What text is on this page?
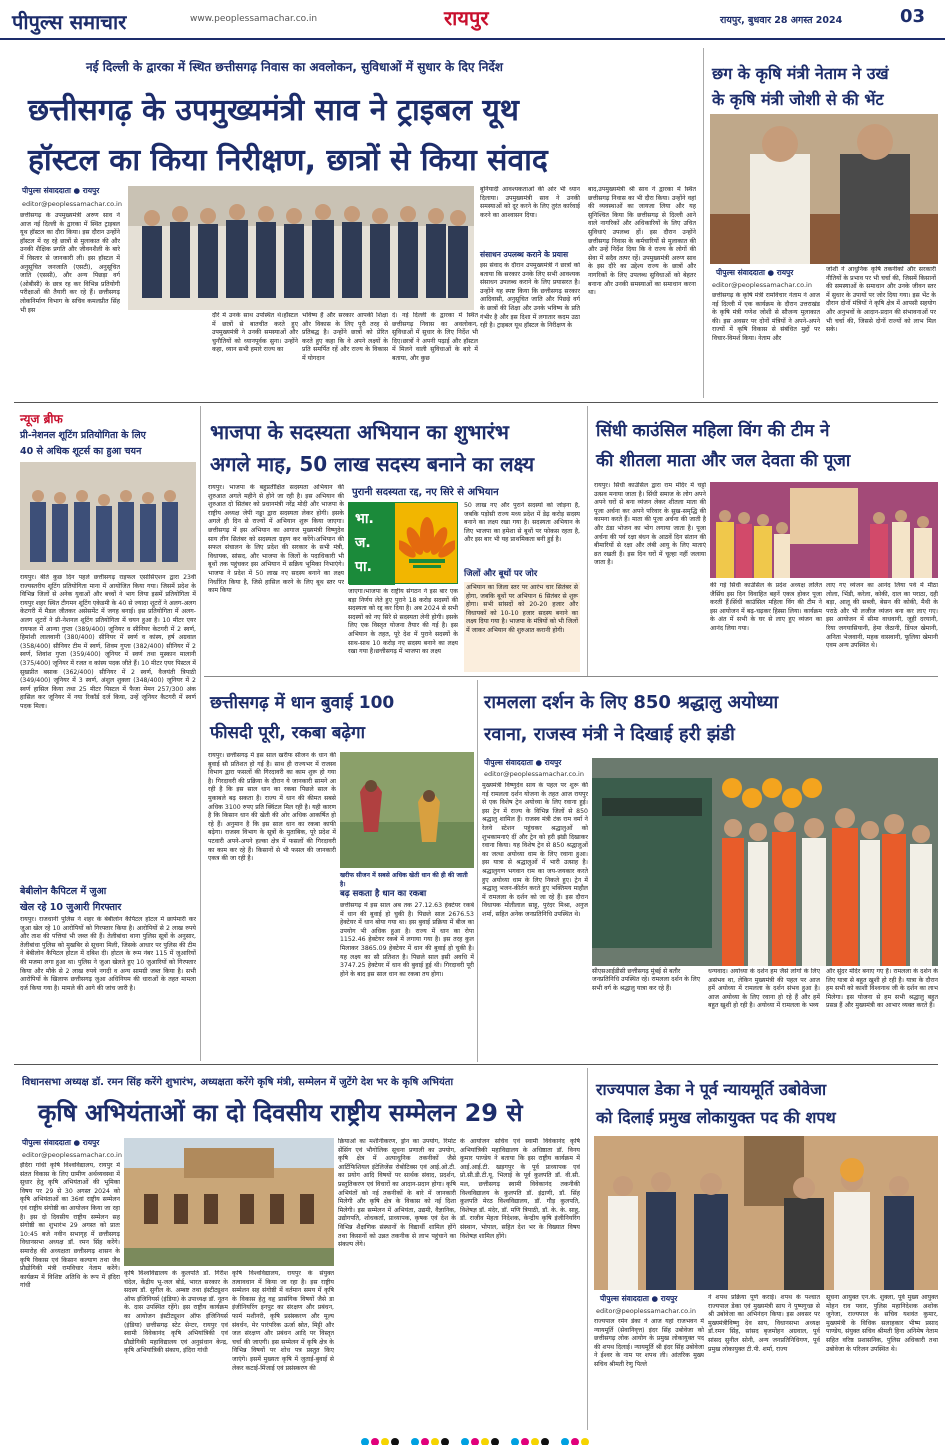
पीपुल्स समाचार	www.peoplessamachar.co.in	रायपुर	रायपुर, बुधवार 28 अगस्त 2024	03
नई दिल्ली के द्वारका में स्थित छत्तीसगढ़ निवास का अवलोकन, सुविधाओं में सुधार के दिए निर्देश
छत्तीसगढ़ के उपमुख्यमंत्री साव ने ट्राइबल यूथ
हॉस्टल का किया निरीक्षण, छात्रों से किया संवाद
पीपुल्स संवाददाता ● रायपुर
editor@peoplessamachar.co.in
छत्तीसगढ़ के उपमुख्यमंत्री अरुण साव ने आज नई दिल्ली के द्वारका में स्थित ट्राइबल यूथ हॉस्टल का दौरा किया। इस दौरान उन्होंने हॉस्टल में रह रहे छात्रों से मुलाकात की और उनकी शैक्षिक प्रगति और जीवनशैली के बारे में विस्तार से जानकारी ली। इस हॉस्टल में अनुसूचित जनजाति (एसटी), अनुसूचित जाति (एससी), और अन्य पिछड़ा वर्ग (ओबीसी) के छात्र रह कर विभिन्न प्रतियोगी परीक्षाओं की तैयारी कर रहे हैं। छत्तीसगढ़ लोकनिर्माण विभाग के सचिव कमलप्रीत सिंह भी इस
दौरे में उनके साथ उपस्थित थे।हॉस्टल में छात्रों से बातचीत करते हुए उपमुख्यमंत्री ने उनकी समस्याओं और चुनौतियों को ध्यानपूर्वक सुना। उन्होंने कहा, ध्यान सभी हमारे राज्य का
भविष्य हैं और सरकार आपकी शिक्षा और विकास के लिए पूरी तरह से प्रतिबद्ध है। उन्होंने छात्रों को प्रेरित करते हुए कहा कि वे अपने लक्ष्यों के प्रति समर्पित रहें और राज्य के विकास में योगदान
दें। नई दिल्ली के द्वारका में स्थित छत्तीसगढ़ निवास का अवलोकन, सुविधाओं में सुधार के लिए निर्देश भी दिए।छात्रों ने अपनी पढ़ाई और हॉस्टल में मिलने वाली सुविधाओं के बारे में बताया, और कुछ
बुनियादी आवश्यकताओं की ओर भी ध्यान दिलाया। उपमुख्यमंत्री साव ने उनकी समस्याओं को दूर करने के लिए तुरंत कार्रवाई करने का आश्वासन दिया।
संसाधन उपलब्ध कराने के प्रयास
इस संवाद के दौरान उपमुख्यमंत्री ने छात्रों को बताया कि सरकार उनके लिए सभी आवश्यक संसाधन उपलब्ध कराने के लिए प्रयासरत है। उन्होंने यह स्पष्ट किया कि छत्तीसगढ़ सरकार आदिवासी, अनुसूचित जाति और पिछड़े वर्ग के छात्रों की शिक्षा और उनके भविष्य के प्रति गंभीर है और इस दिशा में लगातार कदम उठा रही है। ट्राइबल यूथ हॉस्टल के निरीक्षण के
बाद,उपमुख्यमंत्री श्री साव ने द्वारका में स्थित छत्तीसगढ़ निवास का भी दौरा किया। उन्होंने वहां की व्यवस्थाओं का जायजा लिया और यह सुनिश्चित किया कि छत्तीसगढ़ से दिल्ली आने वाले नागरिकों और अधिकारियों के लिए उचित सुविधाएं उपलब्ध हों। इस दौरान उन्होंने छत्तीसगढ़ निवास के कर्मचारियों से मुलाकात की और उन्हें निर्देश दिया कि वे राज्य के लोगों की सेवा में सदैव तत्पर रहें। उपमुख्यमंत्री अरुण साव के इस दौरे का उद्देश्य राज्य के छात्रों और नागरिकों के लिए उपलब्ध सुविधाओं को बेहतर बनाना और उनकी समस्याओं का समाधान करना था।
छग के कृषि मंत्री नेताम ने उखं
के कृषि मंत्री जोशी से की भेंट
पीपुल्स संवाददाता ● रायपुर
editor@peoplessamachar.co.in
छत्तीसगढ़ के कृषि मंत्री रामविचार नेताम ने आज नई दिल्ली में एक कार्यक्रम के दौरान उत्तराखंड के कृषि मंत्री गणेश जोशी से सौजन्य मुलाकात की। इस अवसर पर दोनों मंत्रियों ने अपने-अपने राज्यों में कृषि विकास से संबंधित मुद्दों पर विचार-विमर्श किया। नेताम और
जोशी ने आधुनिक कृषि तकनीकों और सरकारी नीतियों के प्रभाव पर भी चर्चा की, जिसमें किसानों की समस्याओं के समाधान और उनके जीवन स्तर में सुधार के उपायों पर जोर दिया गया। इस भेंट के दौरान दोनों मंत्रियों ने कृषि क्षेत्र में आपसी सहयोग और अनुभवों के आदान-प्रदान की संभावनाओं पर भी चर्चा की, जिससे दोनों राज्यों को लाभ मिल सके।
न्यूज ब्रीफ
प्री-नेशनल शूटिंग प्रतियोगिता के लिए
40 से अधिक शूटर्स का हुआ चयन
रायपुर। बीते कुछ दिन पहले छत्तीसगढ़ राइफल एसोसिएशन द्वारा 23वीं राज्यस्तरीय शूटिंग प्रतियोगिता माना में आयोजित किया गया। जिसमें प्रदेश के विभिन्न जिलों से अनेक युवाओं और बच्चों ने भाग लिया इसमें प्रतियोगिता में रायपुर शहर स्थित टीगमन शूटिंग एकेडमी के 40 से ज्यादा शूटरों ने अलग-अलग केटगरी में मैडल जीतकर असेसमेंट में जगह बनाई। इस प्रतियोगिता में अलग-अलग शूटरों ने प्री-नेशनल शूटिंग प्रतियोगिता में चयन हुआ है। 10 मीटर एयर रायफल में आन्या गुप्ता (389/400) जूनियर व सीनियर केटगरी में 2 स्वर्ण, हिमांशी लालवानी (380/400) सीनियर में स्वर्ण व कांस्य, हर्ष अग्रवाल (358/400) सीनियर टीम में स्वर्ण, शिवम गुप्ता (382/400) सीनियर में 2 स्वर्ण, शिवांश गुप्ता (359/400) जूनियर में स्वर्ण तथा मुस्कान मालानी (375/400) जूनियर में रजत व कांस्य पदक जीते हैं। 10 मीटर एयर पिस्टल में सुखप्रीत बसाक (362/400) सीनियर में 2 स्वर्ण, वैजयंती त्रिपाठी (349/400) जूनियर में 3 स्वर्ण, अंशुल शुक्ला (348/400) जूनियर में 2 स्वर्ण हासिल किया तथा 25 मीटर पिस्टल में फैजा मेमन 257/300 अंक हासिल कर जूनियर में नया रिकॉर्ड दर्ज किया, उन्हें जूनियर कैटगरी में स्वर्ण पदक मिला।
बेबीलोन कैपिटल में जुआ
खेल रहे 10 जुआरी गिरफ्तार
रायपुर। राजधानी पुलिस ने शहर के बेबीलोन कैपिटल होटल में छापेमारी कर जुआ खेल रहे 10 आरोपियों को गिरफ्तार किया है। आरोपियों से 2 लाख रुपये और ताश की पत्तियां भी जब्त की हैं। तेलीबांधा थाना पुलिस सूत्रों के अनुसार, तेलीबांधा पुलिस को मुखबिर से सूचना मिली, जिसके आधार पर पुलिस की टीम ने बेबीलोन कैपिटल होटल में दबिश दी। होटल के रूम नंबर 115 में जुआरियों की मजमा लगा हुआ था। पुलिस ने जुआ खेलते हुए 10 जुआरियों को गिरफ्तार किया और मौके से 2 लाख रुपये नगदी व अन्य सामग्री जब्त किया है। सभी आरोपियों के खिलाफ छत्तीसगढ़ जुआ अधिनियम की धाराओं के तहत मामला दर्ज किया गया है। मामले की आगे की जांच जारी है।
भाजपा के सदस्यता अभियान का शुभारंभ
अगले माह, 50 लाख सदस्य बनाने का लक्ष्य
पुरानी सदस्यता रद्द, नए सिरे से अभियान
रायपुर। भाजपा के बहुप्रतीक्षित सदस्यता अभियान की शुरुआत अगले महीने से होने जा रही है। इस अभियान की शुरुआत दो सितंबर को प्रधानमंत्री नरेंद्र मोदी और भाजपा के राष्ट्रीय अध्यक्ष जेपी नड्डा द्वारा सदस्यता लेकर होगी। इसके अगले ही दिन से राज्यों में अभियान शुरू किया जाएगा। छत्तीसगढ़ में इस अभियान का आगाज मुख्यमंत्री विष्णुदेव साय तीन सितंबर को सदस्यता ग्रहण कर करेंगे।अभियान की सफल संचालन के लिए प्रदेश की सरकार के सभी मंत्री, विधायक, सांसद, और भाजपा के जिलों के पदाधिकारी भी बूथों तक पहुंचकर इस अभियान में सक्रिय भूमिका निभाएंगे। भाजपा ने प्रदेश में 50 लाख नए सदस्य बनाने का लक्ष्य निर्धारित किया है, जिसे हासिल करने के लिए बूथ स्तर पर काम किया
भा.
ज.
पा.
जाएगा।भाजपा के राष्ट्रीय संगठन ने इस बार एक बड़ा निर्णय लेते हुए पुराने 18 करोड़ सदस्यों की सदस्यता को रद्द कर दिया है। अब 2024 से सभी सदस्यों को नए सिरे से सदस्यता लेनी होगी। इसके लिए एक विस्तृत योजना तैयार की गई है। इस अभियान के तहत, पूरे देश में पुराने सदस्यों के साथ-साथ 10 करोड़ नए सदस्य बनाने का लक्ष्य रखा गया है।छत्तीसगढ़ में भाजपा का लक्ष्य
50 लाख नए और पुराने सदस्यों को जोड़ना है, जबकि पड़ोसी राज्य मध्य प्रदेश में डेढ़ करोड़ सदस्य बनाने का लक्ष्य रखा गया है। सदस्यता अभियान के लिए भाजपा का हमेशा से बूथों पर फोकस रहता है, और इस बार भी यह प्राथमिकता बनी हुई है।
जिलों और बूथों पर जोर
अभियान का जिला स्तर पर आरंभ चार सितंबर से होगा, जबकि बूथों पर अभियान 6 सितंबर से शुरू होगा। सभी सांसदों को 20-20 हजार और विधायकों को 10-10 हजार सदस्य बनाने का लक्ष्य दिया गया है। भाजपा के मंत्रियों को भी जिलों में जाकर अभियान की शुरुआत करानी होगी।
सिंधी काउंसिल महिला विंग की टीम ने
की शीतला माता और जल देवता की पूजा
रायपुर। सिंधी काउंसिल द्वारा राम मंदिर में चट्टो उत्सव मनाया जाता है। सिंधी समाज के लोग अपने अपने घरों से बना व्यंजन लेकर शीतला माता की पूजा अर्चना कर अपने परिवार के सुख-समृद्धि की कामना करते हैं। माता की पूजा अर्चना की जाती है और ठंडा भोजन का भोग लगाया जाता है। पूजा अर्चना की पर्व रक्षा बंधन के आठवें दिन संतान की बीमारियों से रक्षा और लंबी आयु के लिए माताएं व्रत रखती हैं। इस दिन घरों में चूल्हा नहीं जलाया जाता है।
की गई सिंधी काउंसिल के प्रदेश अध्यक्ष ललित जैसिंघ इस दिन विवाहित बहनें एकत्र होकर पूजा करती हैं।सिंधी काउंसिल महिला विंग की टीम ने इस आयोजन में बढ़-चढ़कर हिस्सा लिया। कार्यक्रम के अंत में सभी के घर से लाए हुए व्यंजन का आनंद लिया गया।
लाए गए व्यंजन का आनंद लिया पर्व में मीठा लोला, भिंडी, करेला, कोकी, दाल का पराठा, दही बड़ा, आलू की सब्जी, बेसन की कोकी, मैथी के पराठे और भी लजीज व्यंजन बना कर लाए गए। इस आयोजन में सीमा वाधवानी, जूही दरयानी, रिया जगयासियानी, हेमा जैठानी, डिंपल खेमानी, अनिता भेजवानी, महक वासवानी, फूलिया खेमानी एवम अन्य उपस्थित थे।
छत्तीसगढ़ में धान बुवाई 100
फीसदी पूरी, रकबा बढ़ेगा
रायपुर। छत्तीसगढ़ में इस साल खरीफ सीजन के धान की बुवाई सौ प्रतिशत हो गई है। साथ ही राज्यभर में राजस्व विभाग द्वारा फसलों की गिरदावरी का काम शुरू हो गया है। गिरदावरी की प्रक्रिया के दौरान ये जानकारी सामने आ रही है कि इस साल धान का रकबा पिछले साल के मुकाबले बढ़ सकता है। राज्य में धान की कीमत सबसे अधिक 3100 रुपए प्रति क्विंटल मिल रही है। यही कारण है कि किसान धान की खेती की ओर अधिक आकर्षित हो रहे हैं। अनुमान है कि इस साल धान का रकबा काफी बढ़ेगा। राजस्व विभाग के सूत्रों के मुताबिक, पूरे प्रदेश में पटवारी अपने-अपने हल्का क्षेत्र में फसलों की गिरदावरी का काम कर रहे हैं। किसानों से भी फसल की जानकारी एकत्र की जा रही है।
खरीफ सीजन में सबसे अधिक खेती धान की ही की जाती है।
बढ़ सकता है धान का रकबा
छत्तीसगढ़ में इस साल अब तक 27.12.63 हेक्टेयर रकबे में धान की बुवाई हो चुकी है। पिछले साल 2676.53 हेक्टेयर में धान बोया गया था। इस बुवाई प्रक्रिया में बीज का उपयोग भी अधिक हुआ है। राज्य में धान का रोपा 1152.46 हेक्टेयर रकबे में लगाया गया है। इस तरह कुल मिलाकर 3865.09 हेक्टेयर में धान की बुवाई हो चुकी है। यह लक्ष्य का सौ प्रतिशत है। पिछले साल इसी अवधि में 3747.25 हेक्टेयर में धान की बुवाई हुई थी। गिरदावरी पूरी होने के बाद इस साल धान का रकबा तय होगा।
रामलला दर्शन के लिए 850 श्रद्धालु अयोध्या
रवाना, राजस्व मंत्री ने दिखाई हरी झंडी
पीपुल्स संवाददाता ● रायपुर
editor@peoplessamachar.co.in
मुख्यमंत्री विष्णुदेव साय के पहल पर शुरू की गई रामलला दर्शन योजना के तहत आज रायपुर से एक विशेष ट्रेन अयोध्या के लिए रवाना हुई। इस ट्रेन में राज्य के विभिन्न जिलों से 850 श्रद्धालु शामिल हैं। राजस्व मंत्री टंक राम वर्मा ने रेलवे स्टेशन पहुंचकर श्रद्धालुओं को शुभकामनाएं दीं और ट्रेन को हरी झंडी दिखाकर रवाना किया। यह विशेष ट्रेन से 850 श्रद्धालुओं का जत्था अयोध्या धाम के लिए रवाना हुआ। इस यात्रा से श्रद्धालुओं में भारी उत्साह है। श्रद्धालुगण भगवान राम का जय-जयकार करते हुए अयोध्या धाम के लिए निकले हुए। ट्रेन में श्रद्धालु भजन-कीर्तन करते हुए भक्तिमय माहौल में रामलला के दर्शन को जा रहे हैं। इस दौरान विधायक मोतीलाल साहू, पुरंदर मिश्रा, अनुज शर्मा, सहित अनेक जनप्रतिनिधि उपस्थित थे।
सीएसआईडीसी छत्तीसगढ़ मुंबई से बतौर जनप्रतिनिधि उपस्थित रहे। रामलला दर्शन के लिए सभी वर्ग के श्रद्धालु यात्रा कर रहे हैं।
धन्यवाद। अयोध्या के दर्शन हम जैसे लोगों के लिए असंभव था, लेकिन मुख्यमंत्री की पहल पर आज हमें अयोध्या में रामलला के दर्शन संभव हुआ है। आज अयोध्या के लिए रवाना हो रहे हैं और हमें बहुत खुशी हो रही है। अयोध्या में रामलला के भव्य
और सुंदर मंदिर बनाए गए हैं। रामलला के दर्शन के लिए यात्रा से बहुत खुशी हो रही है। यात्रा के दौरान हम सभी को काशी विश्वनाथ जी के दर्शन का लाभ मिलेगा। इस योजना से हम सभी श्रद्धालु बहुत प्रसन्न हैं और मुख्यमंत्री का आभार व्यक्त करते हैं।
विधानसभा अध्यक्ष डॉ. रमन सिंह करेंगे शुभारंभ, अध्यक्षता करेंगे कृषि मंत्री, सम्मेलन में जुटेंगे देश भर के कृषि अभियंता
कृषि अभियंताओं का दो दिवसीय राष्ट्रीय सम्मेलन 29 से
पीपुल्स संवाददाता ● रायपुर
editor@peoplessamachar.co.in
इंदिरा गांधी कृषि विश्वविद्यालय, रायपुर में संतत विकास के लिए ग्रामीण अर्थव्यवस्था में सुधार हेतु कृषि अभियंताओं की भूमिका विषय पर 29 से 30 अगस्त 2024 को कृषि अभियंताओं का 36वां राष्ट्रीय सम्मेलन एवं राष्ट्रीय संगोष्ठी का आयोजन किया जा रहा है। इस दो दिवसीय राष्ट्रीय सम्मेलन सह संगोष्ठी का शुभारंभ 29 अगस्त को प्रातः 10:45 बजे नवीन सभागृह में छत्तीसगढ़ विधानसभा अध्यक्ष डॉ. रमन सिंह करेंगे। समारोह की अध्यक्षता छत्तीसगढ़ शासन के कृषि विकास एवं किसान कल्याण तथा जैव प्रौद्योगिकी मंत्री रामविचार नेताम करेंगे। कार्यक्रम में विशिष्ट अतिथि के रूप में इंदिरा गांधी
कृषि विश्वविद्यालय के कुलपति डॉ. गिरीश चंदेल, केंद्रीय भू-जल बोर्ड, भारत सरकार के सदस्य डॉ. सुनील के. अम्बष्ट तथा इंस्टीट्यूशन ऑफ इंजिनियर्स (इंडिया) के उपाध्यक्ष डॉ. नूतन के. दास उपस्थित रहेंगे। इस राष्ट्रीय कार्यक्रम का आयोजन इंस्टीट्यूशन ऑफ इंजिनियर्स (इंडिया) छत्तीसगढ़ स्टेट सेन्टर, रायपुर एवं स्वामी विवेकानंद कृषि अभियांत्रिकी एवं प्रौद्योगिकी महाविद्यालय एवं अनुसंधान केन्द्र, कृषि अभियांत्रिकी संकाय, इंदिरा गांधी
कृषि विश्वविद्यालय, रायपुर के संयुक्त तत्वावधान में किया जा रहा है। इस राष्ट्रीय सम्मेलन सह संगोष्ठी में वर्तमान समय में कृषि के विकास हेतु वहृ प्रासंगिक विषयों जैसे डा इंजीनियरिंग इनपुट का संरक्षण और प्रबंधन, फार्म मशीनरी, कृषि प्रसंस्करण और मूल्य संवर्धन, मेर पारंपरिक ऊर्जा स्रोत, मिट्टी और जल संरक्षण और प्रबंधन आदि पर विस्तृत चर्चा की जाएगी। इस सम्मेलन में कृषि क्षेत्र के विभिन्न विषयों पर शोध पत्र प्रस्तुत किए जाएंगे। इसमें मुख्यतः कृषि में जुताई-बुवाई से लेकर कटाई-मिंजाई एवं प्रसंस्करण की
क्रियाओं का मशीनीकरण, ड्रोन का उपयोग, रिमोट सेंसिंग एवं भौगोलिक सूचना प्रणाली का उपयोग, कृषि क्षेत्र में अत्याधुनिक तकनीकों जैसे आर्टिफिशियल इंटेलिजेंस रोबोटिक्स एवं आई.ओ.टी. का प्रयोग आदि विषयों पर सार्थक संवाद, प्रदर्शन, प्रस्तुतिकरण एवं विचारों का आदान-प्रदान होगा। कृषि अभियंतों को नई तकनीकों के बारे में जानकारी मिलेगी और कृषि क्षेत्र के विकास को नई दिशा मिलेगी। इस सम्मेलन में अभियंता, उद्यमी, वैज्ञानिक, उद्योगपति, शोधकर्ता, प्राध्यापक, कृषक एवं देश के विभिन्न शैक्षणिक संस्थानों के विद्यार्थी शामिल होंगे तथा किसानों को उन्नत तकनीक से लाभ पहुंचाने का संकल्प लेंगे।
के आयोजन सचिव एवं स्वामी विवेकानंद कृषि अभियांत्रिकी महाविद्यालय के अधिष्ठाता डॉ. विनय कुमार पाण्डेय ने बताया कि इस राष्ट्रीय कार्यक्रम में आई.आई.टी. खड़गपुर के पूर्व प्राध्यापक एवं प्रो.सी.डी.टी.यू. भिलाई के पूर्व कुलपति डॉ. वी.सी. मल, छत्तीसगढ़ स्वामी विवेकानंद तकनीकी विश्वविद्यालय के कुलपति डॉ. इंद्राणी, डॉ. सिंह कुलपति मेरठ विश्वविद्यालय, डॉ. गौड़ कुलपति, विशेषज्ञ डॉ. मंदेर, डॉ. मणि त्रिपाठी, डॉ. के. के. साहू, डॉ. राजीव मेहता निदेशक, केन्द्रीय कृषि इंजीनियरिंग संस्थान, भोपाल, सहित देश भर के विख्यात विषय विशेषज्ञ शामिल होंगे।
राज्यपाल डेका ने पूर्व न्यायमूर्ति उबोवेजा
को दिलाई प्रमुख लोकायुक्त पद की शपथ
पीपुल्स संवाददाता ● रायपुर
editor@peoplessamachar.co.in
राज्यपाल रमेन डेका ने आज यहां राजभवन में न्यायमूर्ति (सेवानिवृत्त) इंदर सिंह उबोवेजा को छत्तीसगढ़ लोक आयोग के प्रमुख लोकायुक्त पद की शपथ दिलाई। न्यायमूर्ति श्री इंदर सिंह उबोवेजा ने ईश्वर के नाम पर शपथ ली। आंतरिक मुख्य सचिव श्रीमती रेणु पिल्ले
ने शपथ प्रक्रिया पूर्ण कराई। शपथ के पश्चात राज्यपाल डेका एवं मुख्यमंत्री साय ने पुष्पगुच्छ से श्री उबोवेजा का अभिनंदन किया। इस अवसर पर मुख्यमंत्रीविष्णु देव साय, विधानसभा अध्यक्ष डॉ.रमन सिंह, सांसद बृजमोहन अग्रवाल, पूर्व सांसद सुनील सोनी, अन्य जनप्रतिनिधिगण, पूर्व प्रमुख लोकायुक्त टी.पी. शर्मा, राज्य
सूचना आयुक्त एन.के. शुक्ला, पूर्व मुख्य आयुक्त मोहन राव पवार, पुलिस महानिदेशक अशोक जुनेजा, राज्यपाल के सचिव यशवंत कुमार, मुख्यमंत्री के विधिक सलाहकार भीष्म प्रसाद पाण्डेय, संयुक्त सचिव श्रीमती हिना अनिमेष नेताम सहित वरिष्ठ प्रशासनिक, पुलिस अधिकारी तथा उबोवेजा के परिजन उपस्थित थे।
